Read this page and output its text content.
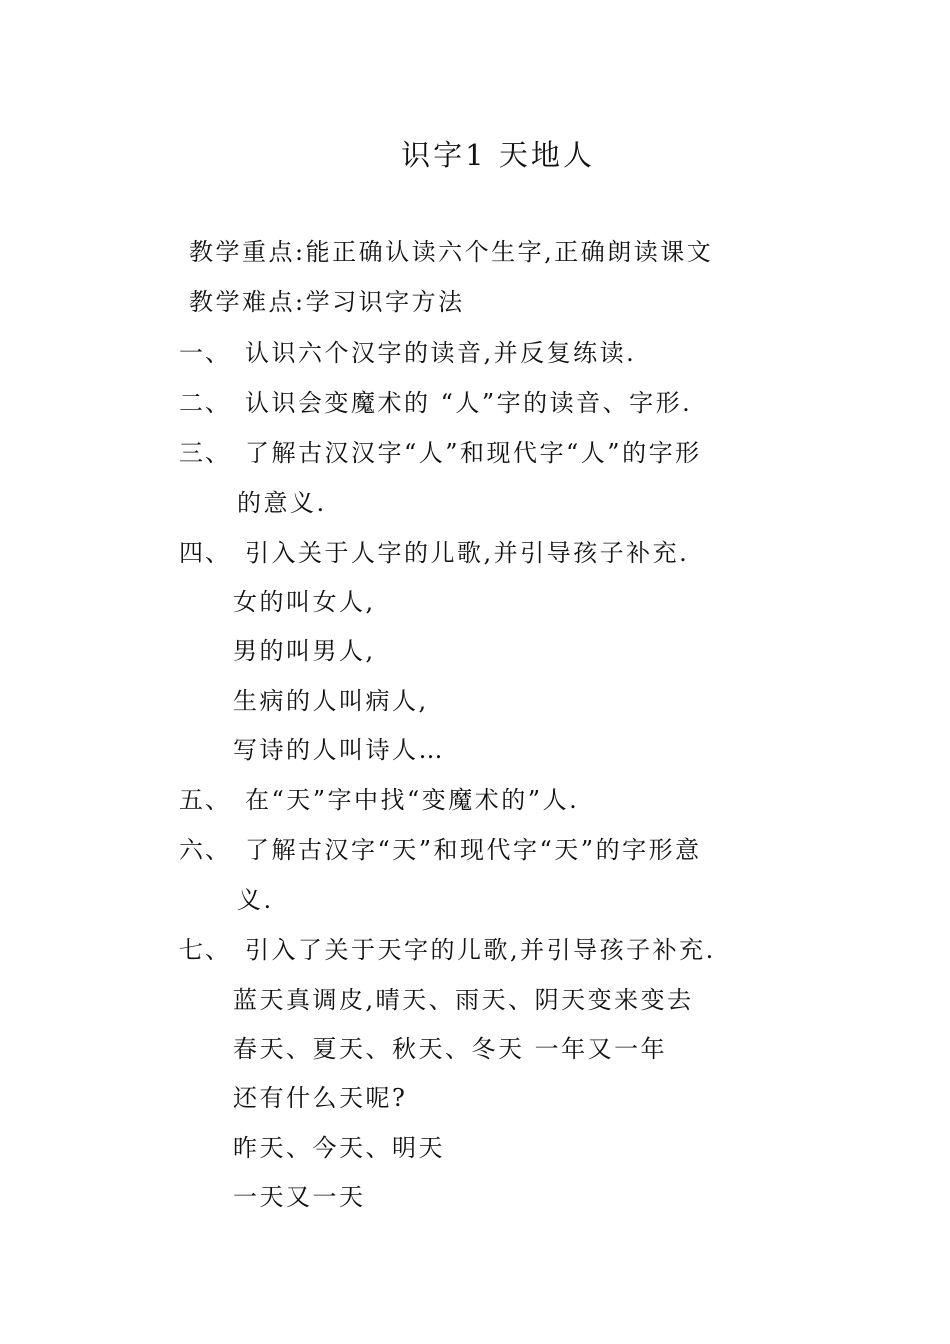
识字1 天地人
教学重点:能正确认读六个生字,正确朗读课文
教学难点:学习识字方法
一、 认识六个汉字的读音,并反复练读.
二、 认识会变魔术的 “人”字的读音、字形.
三、 了解古汉汉字“人”和现代字“人”的字形
的意义.
四、 引入关于人字的儿歌,并引导孩子补充.
女的叫女人,
男的叫男人,
生病的人叫病人,
写诗的人叫诗人…
五、 在“天”字中找“变魔术的”人.
六、 了解古汉字“天”和现代字“天”的字形意
义.
七、 引入了关于天字的儿歌,并引导孩子补充.
蓝天真调皮,晴天、雨天、阴天变来变去
春天、夏天、秋天、冬天 一年又一年
还有什么天呢?
昨天、今天、明天
一天又一天
